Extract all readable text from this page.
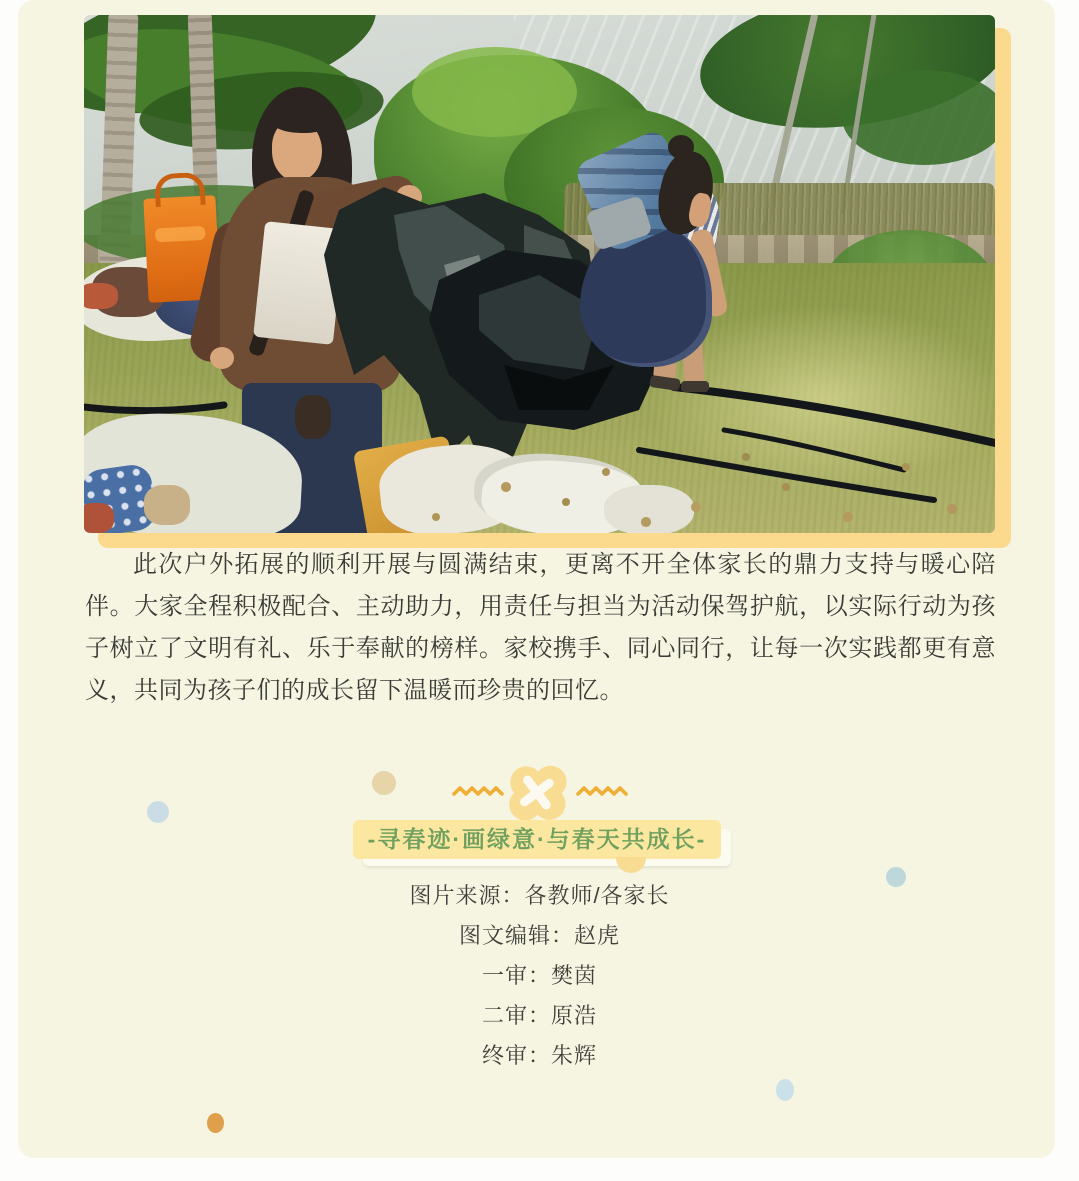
此次户外拓展的顺利开展与圆满结束，更离不开全体家长的鼎力支持与暖心陪伴。大家全程积极配合、主动助力，用责任与担当为活动保驾护航，以实际行动为孩子树立了文明有礼、乐于奉献的榜样。家校携手、同心同行，让每一次实践都更有意义，共同为孩子们的成长留下温暖而珍贵的回忆。

-寻春迹·画绿意·与春天共成长-
图片来源：各教师/各家长
图文编辑：赵虎
一审：樊茵
二审：原浩
终审：朱辉
